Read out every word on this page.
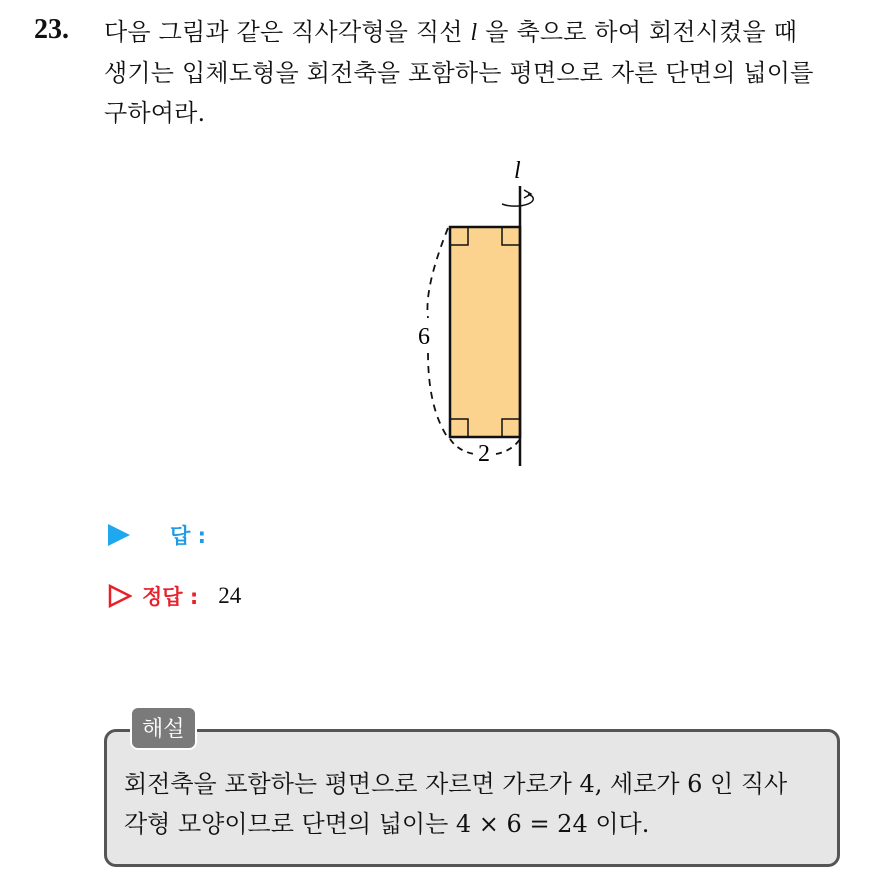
23. 다음 그림과 같은 직사각형을 직선 l 을 축으로 하여 회전시켰을 때
생기는 입체도형을 회전축을 포함하는 평면으로 자른 단면의 넓이를
구하여라.
l
6
2
답 :
정답 : 24
해설
회전축을 포함하는 평면으로 자르면 가로가 4, 세로가 6 인 직사
각형 모양이므로 단면의 넓이는 4 × 6 = 24 이다.
